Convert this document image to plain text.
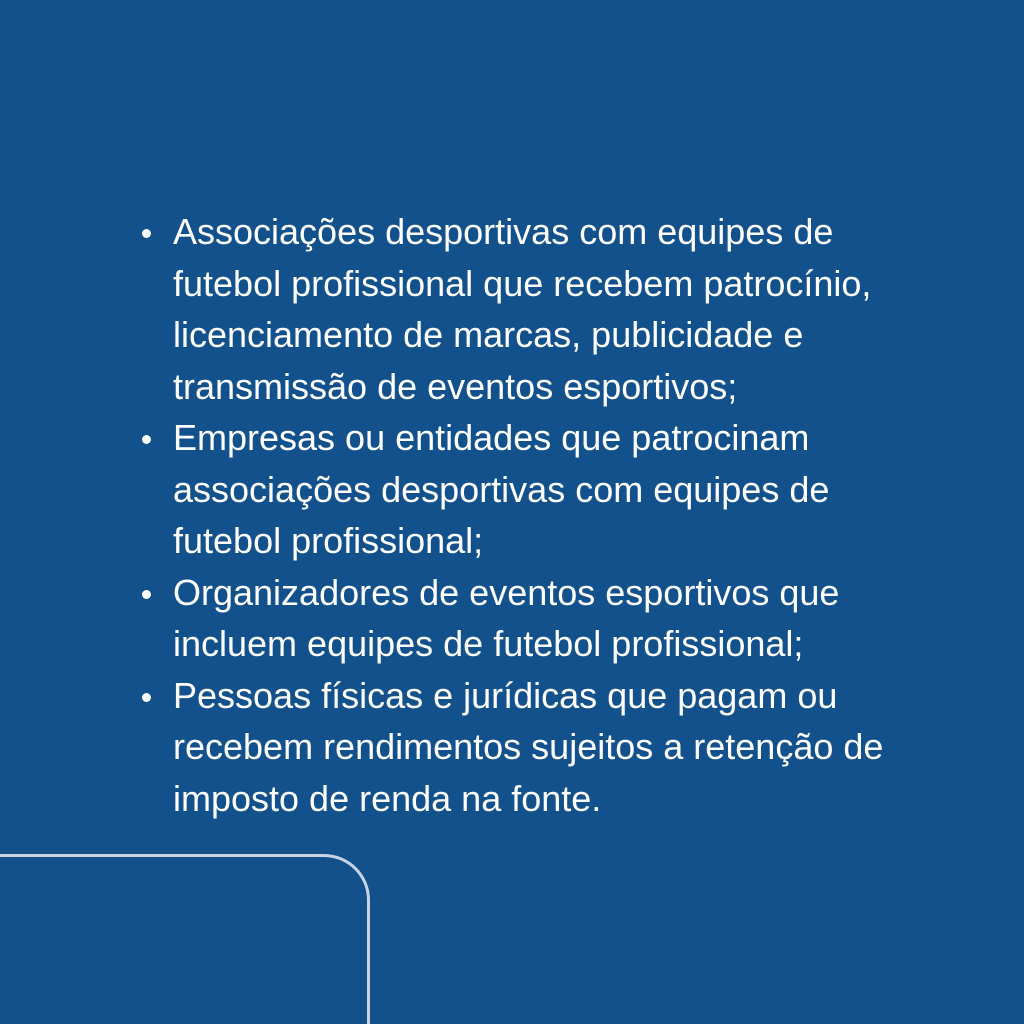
Associações desportivas com equipes de
futebol profissional que recebem patrocínio,
licenciamento de marcas, publicidade e
transmissão de eventos esportivos;
Empresas ou entidades que patrocinam
associações desportivas com equipes de
futebol profissional;
Organizadores de eventos esportivos que
incluem equipes de futebol profissional;
Pessoas físicas e jurídicas que pagam ou
recebem rendimentos sujeitos a retenção de
imposto de renda na fonte.
